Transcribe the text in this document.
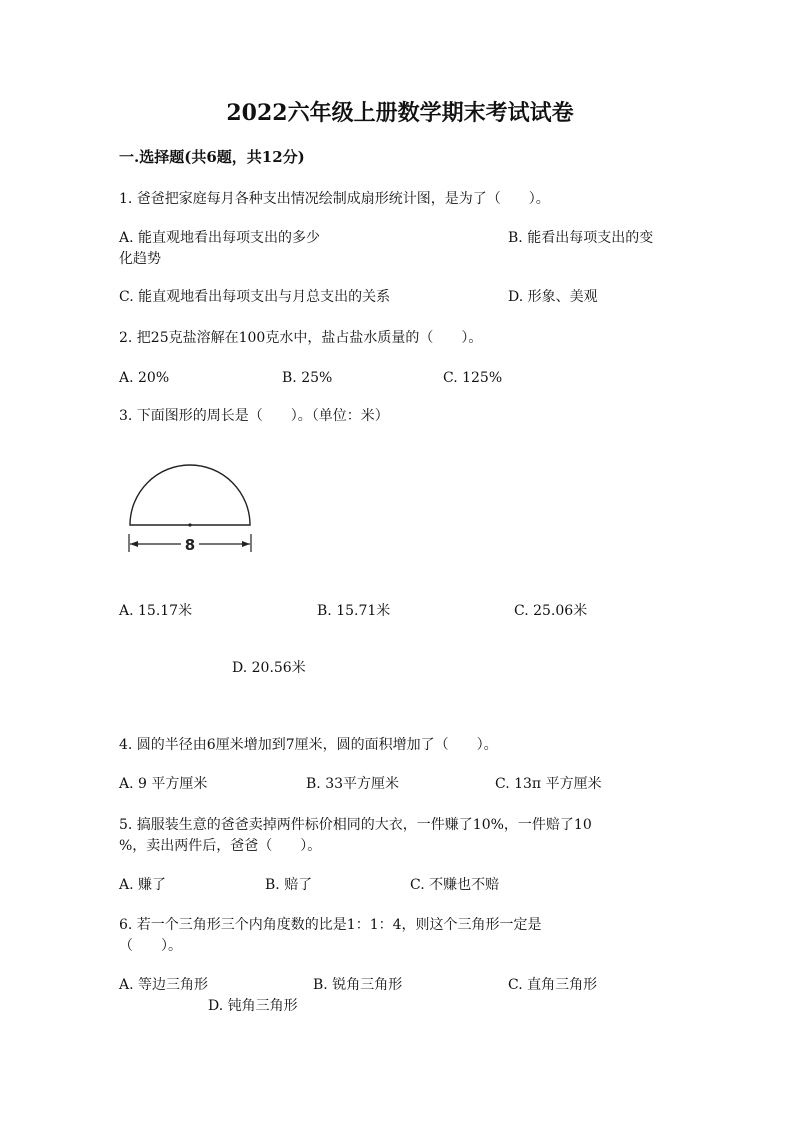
2022六年级上册数学期末考试试卷
一.选择题(共6题，共12分)
1. 爸爸把家庭每月各种支出情况绘制成扇形统计图，是为了（　　）。
A. 能直观地看出每项支出的多少	B. 能看出每项支出的变
化趋势
C. 能直观地看出每项支出与月总支出的关系	D. 形象、美观
2. 把25克盐溶解在100克水中，盐占盐水质量的（　　）。
A. 20%	B. 25%	C. 125%
3. 下面图形的周长是（　　）。（单位：米）
8
A. 15.17米	B. 15.71米	C. 25.06米
D. 20.56米
4. 圆的半径由6厘米增加到7厘米，圆的面积增加了（　　）。
A. 9 平方厘米	B. 33平方厘米	C. 13π 平方厘米
5. 搞服装生意的爸爸卖掉两件标价相同的大衣，一件赚了10%，一件赔了10
%，卖出两件后，爸爸（　　）。
A. 赚了	B. 赔了	C. 不赚也不赔
6. 若一个三角形三个内角度数的比是1：1：4，则这个三角形一定是
（　　）。
A. 等边三角形	B. 锐角三角形	C. 直角三角形
D. 钝角三角形
